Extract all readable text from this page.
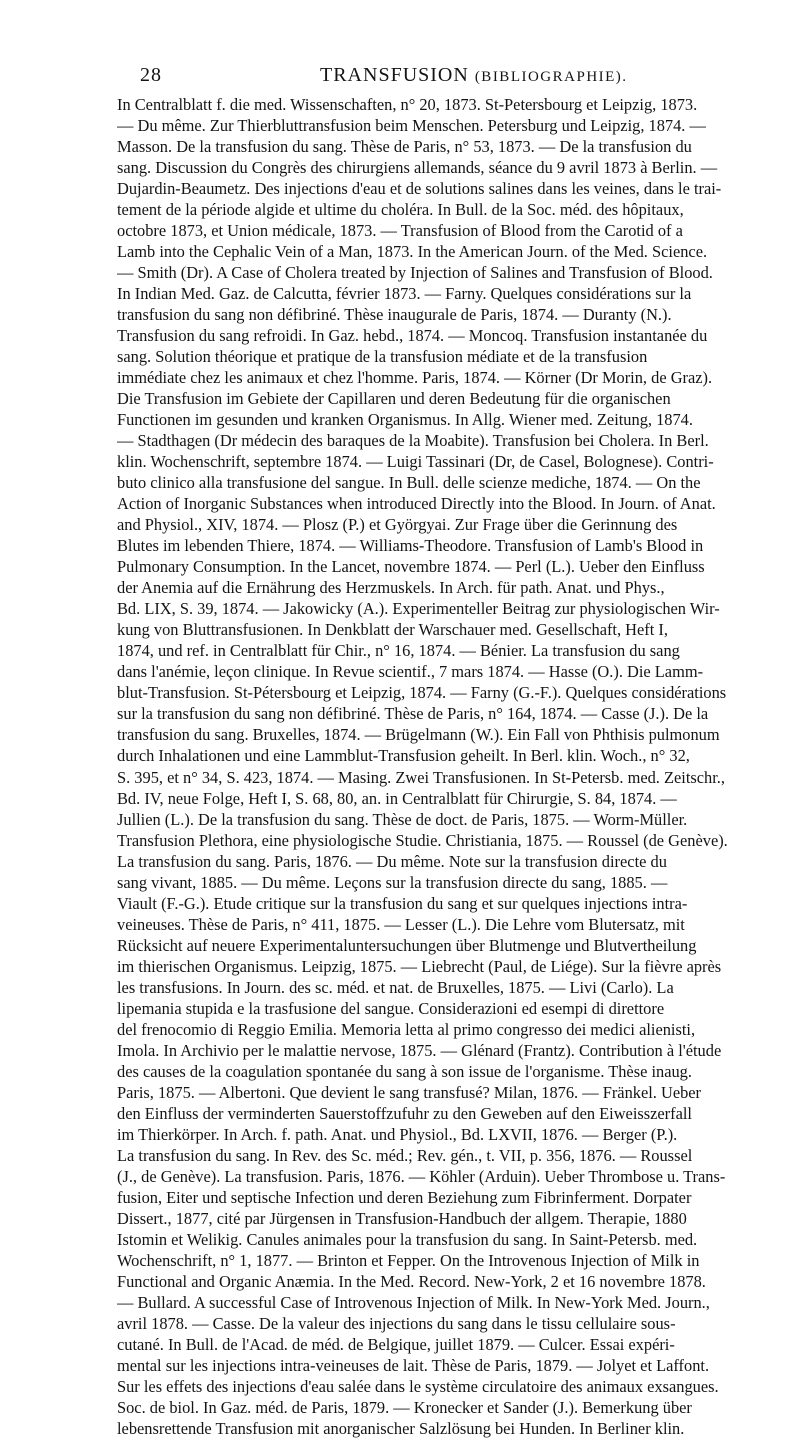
28	TRANSFUSION (BIBLIOGRAPHIE).
In Centralblatt f. die med. Wissenschaften, n° 20, 1873. St-Petersbourg et Leipzig, 1873.
— Du même. Zur Thierbluttransfusion beim Menschen. Petersburg und Leipzig, 1874. —
Masson. De la transfusion du sang. Thèse de Paris, n° 53, 1873. — De la transfusion du
sang. Discussion du Congrès des chirurgiens allemands, séance du 9 avril 1873 à Berlin. —
Dujardin-Beaumetz. Des injections d'eau et de solutions salines dans les veines, dans le trai-
tement de la période algide et ultime du choléra. In Bull. de la Soc. méd. des hôpitaux,
octobre 1873, et Union médicale, 1873. — Transfusion of Blood from the Carotid of a
Lamb into the Cephalic Vein of a Man, 1873. In the American Journ. of the Med. Science.
— Smith (Dr). A Case of Cholera treated by Injection of Salines and Transfusion of Blood.
In Indian Med. Gaz. de Calcutta, février 1873. — Farny. Quelques considérations sur la
transfusion du sang non défibriné. Thèse inaugurale de Paris, 1874. — Duranty (N.).
Transfusion du sang refroidi. In Gaz. hebd., 1874. — Moncoq. Transfusion instantanée du
sang. Solution théorique et pratique de la transfusion médiate et de la transfusion
immédiate chez les animaux et chez l'homme. Paris, 1874. — Körner (Dr Morin, de Graz).
Die Transfusion im Gebiete der Capillaren und deren Bedeutung für die organischen
Functionen im gesunden und kranken Organismus. In Allg. Wiener med. Zeitung, 1874.
— Stadthagen (Dr médecin des baraques de la Moabite). Transfusion bei Cholera. In Berl.
klin. Wochenschrift, septembre 1874. — Luigi Tassinari (Dr, de Casel, Bolognese). Contri-
buto clinico alla transfusione del sangue. In Bull. delle scienze mediche, 1874. — On the
Action of Inorganic Substances when introduced Directly into the Blood. In Journ. of Anat.
and Physiol., XIV, 1874. — Plosz (P.) et Györgyai. Zur Frage über die Gerinnung des
Blutes im lebenden Thiere, 1874. — Williams-Theodore. Transfusion of Lamb's Blood in
Pulmonary Consumption. In the Lancet, novembre 1874. — Perl (L.). Ueber den Einfluss
der Anemia auf die Ernährung des Herzmuskels. In Arch. für path. Anat. und Phys.,
Bd. LIX, S. 39, 1874. — Jakowicky (A.). Experimenteller Beitrag zur physiologischen Wir-
kung von Bluttransfusionen. In Denkblatt der Warschauer med. Gesellschaft, Heft I,
1874, und ref. in Centralblatt für Chir., n° 16, 1874. — Bénier. La transfusion du sang
dans l'anémie, leçon clinique. In Revue scientif., 7 mars 1874. — Hasse (O.). Die Lamm-
blut-Transfusion. St-Pétersbourg et Leipzig, 1874. — Farny (G.-F.). Quelques considérations
sur la transfusion du sang non défibriné. Thèse de Paris, n° 164, 1874. — Casse (J.). De la
transfusion du sang. Bruxelles, 1874. — Brügelmann (W.). Ein Fall von Phthisis pulmonum
durch Inhalationen und eine Lammblut-Transfusion geheilt. In Berl. klin. Woch., n° 32,
S. 395, et n° 34, S. 423, 1874. — Masing. Zwei Transfusionen. In St-Petersb. med. Zeitschr.,
Bd. IV, neue Folge, Heft I, S. 68, 80, an. in Centralblatt für Chirurgie, S. 84, 1874. —
Jullien (L.). De la transfusion du sang. Thèse de doct. de Paris, 1875. — Worm-Müller.
Transfusion Plethora, eine physiologische Studie. Christiania, 1875. — Roussel (de Genève).
La transfusion du sang. Paris, 1876. — Du même. Note sur la transfusion directe du
sang vivant, 1885. — Du même. Leçons sur la transfusion directe du sang, 1885. —
Viault (F.-G.). Etude critique sur la transfusion du sang et sur quelques injections intra-
veineuses. Thèse de Paris, n° 411, 1875. — Lesser (L.). Die Lehre vom Blutersatz, mit
Rücksicht auf neuere Experimentaluntersuchungen über Blutmenge und Blutvertheilung
im thierischen Organismus. Leipzig, 1875. — Liebrecht (Paul, de Liége). Sur la fièvre après
les transfusions. In Journ. des sc. méd. et nat. de Bruxelles, 1875. — Livi (Carlo). La
lipemania stupida e la trasfusione del sangue. Considerazioni ed esempi di direttore
del frenocomio di Reggio Emilia. Memoria letta al primo congresso dei medici alienisti,
Imola. In Archivio per le malattie nervose, 1875. — Glénard (Frantz). Contribution à l'étude
des causes de la coagulation spontanée du sang à son issue de l'organisme. Thèse inaug.
Paris, 1875. — Albertoni. Que devient le sang transfusé? Milan, 1876. — Fränkel. Ueber
den Einfluss der verminderten Sauerstoffzufuhr zu den Geweben auf den Eiweisszerfall
im Thierkörper. In Arch. f. path. Anat. und Physiol., Bd. LXVII, 1876. — Berger (P.).
La transfusion du sang. In Rev. des Sc. méd.; Rev. gén., t. VII, p. 356, 1876. — Roussel
(J., de Genève). La transfusion. Paris, 1876. — Köhler (Arduin). Ueber Thrombose u. Trans-
fusion, Eiter und septische Infection und deren Beziehung zum Fibrinferment. Dorpater
Dissert., 1877, cité par Jürgensen in Transfusion-Handbuch der allgem. Therapie, 1880
Istomin et Welikig. Canules animales pour la transfusion du sang. In Saint-Petersb. med.
Wochenschrift, n° 1, 1877. — Brinton et Fepper. On the Introvenous Injection of Milk in
Functional and Organic Anæmia. In the Med. Record. New-York, 2 et 16 novembre 1878.
— Bullard. A successful Case of Introvenous Injection of Milk. In New-York Med. Journ.,
avril 1878. — Casse. De la valeur des injections du sang dans le tissu cellulaire sous-
cutané. In Bull. de l'Acad. de méd. de Belgique, juillet 1879. — Culcer. Essai expéri-
mental sur les injections intra-veineuses de lait. Thèse de Paris, 1879. — Jolyet et Laffont.
Sur les effets des injections d'eau salée dans le système circulatoire des animaux exsangues.
Soc. de biol. In Gaz. méd. de Paris, 1879. — Kronecker et Sander (J.). Bemerkung über
lebensrettende Transfusion mit anorganischer Salzlösung bei Hunden. In Berliner klin.
